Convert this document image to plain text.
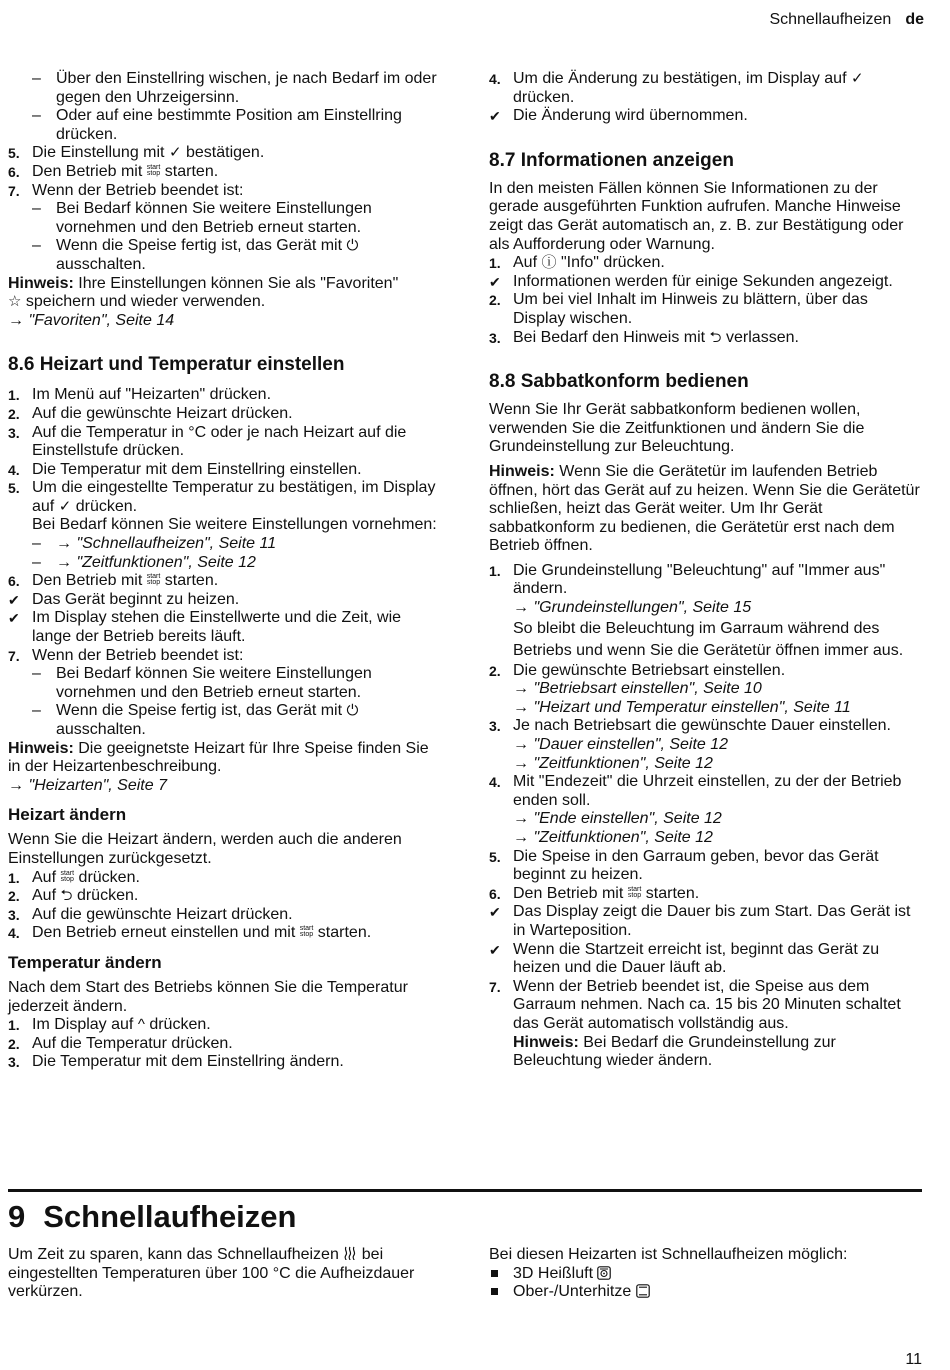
Schnellaufheizen de
– Über den Einstellring wischen, je nach Bedarf im oder gegen den Uhrzeigersinn.
– Oder auf eine bestimmte Position am Einstellring drücken.
5. Die Einstellung mit ✓ bestätigen.
6. Den Betrieb mit start
stop starten.
7. Wenn der Betrieb beendet ist:
– Bei Bedarf können Sie weitere Einstellungen vornehmen und den Betrieb erneut starten.
– Wenn die Speise fertig ist, das Gerät mit ⏻ ausschalten.

Hinweis: Ihre Einstellungen können Sie als "Favoriten"
☆ speichern und wieder verwenden.

→ "Favoriten", Seite 14

8.6 Heizart und Temperatur einstellen
1. Im Menü auf "Heizarten" drücken.
2. Auf die gewünschte Heizart drücken.
3. Auf die Temperatur in °C oder je nach Heizart auf die Einstellstufe drücken.
4. Die Temperatur mit dem Einstellring einstellen.
5. Um die eingestellte Temperatur zu bestätigen, im Display auf ✓ drücken.
Bei Bedarf können Sie weitere Einstellungen vornehmen:
– → "Schnellaufheizen", Seite 11
– → "Zeitfunktionen", Seite 12
6. Den Betrieb mit start
stop starten.
✔ Das Gerät beginnt zu heizen.
✔ Im Display stehen die Einstellwerte und die Zeit, wie lange der Betrieb bereits läuft.
7. Wenn der Betrieb beendet ist:
– Bei Bedarf können Sie weitere Einstellungen vornehmen und den Betrieb erneut starten.
– Wenn die Speise fertig ist, das Gerät mit ⏻ ausschalten.

Hinweis: Die geeignetste Heizart für Ihre Speise finden Sie in der Heizartenbeschreibung.

→ "Heizarten", Seite 7

Heizart ändern

Wenn Sie die Heizart ändern, werden auch die anderen Einstellungen zurückgesetzt.

1. Auf start
stop drücken.
2. Auf ⮌ drücken.
3. Auf die gewünschte Heizart drücken.
4. Den Betrieb erneut einstellen und mit start
stop starten.
Temperatur ändern

Nach dem Start des Betriebs können Sie die Temperatur jederzeit ändern.

1. Im Display auf ^ drücken.
2. Auf die Temperatur drücken.
3. Die Temperatur mit dem Einstellring ändern.
4. Um die Änderung zu bestätigen, im Display auf ✓ drücken.
✔ Die Änderung wird übernommen.
8.7 Informationen anzeigen

In den meisten Fällen können Sie Informationen zu der gerade ausgeführten Funktion aufrufen. Manche Hinweise zeigt das Gerät automatisch an, z. B. zur Bestätigung oder als Aufforderung oder Warnung.

1. Auf ⓘ "Info" drücken.
✔ Informationen werden für einige Sekunden angezeigt.
2. Um bei viel Inhalt im Hinweis zu blättern, über das Display wischen.
3. Bei Bedarf den Hinweis mit ⮌ verlassen.
8.8 Sabbatkonform bedienen

Wenn Sie Ihr Gerät sabbatkonform bedienen wollen, verwenden Sie die Zeitfunktionen und ändern Sie die Grundeinstellung zur Beleuchtung.

Hinweis: Wenn Sie die Gerätetür im laufenden Betrieb öffnen, hört das Gerät auf zu heizen. Wenn Sie die Gerätetür schließen, heizt das Gerät weiter. Um Ihr Gerät sabbatkonform zu bedienen, die Gerätetür erst nach dem Betrieb öffnen.

1. Die Grundeinstellung "Beleuchtung" auf "Immer aus" ändern.
→ "Grundeinstellungen", Seite 15
So bleibt die Beleuchtung im Garraum während des Betriebs und wenn Sie die Gerätetür öffnen immer aus.
2. Die gewünschte Betriebsart einstellen.
→ "Betriebsart einstellen", Seite 10
→ "Heizart und Temperatur einstellen", Seite 11
3. Je nach Betriebsart die gewünschte Dauer einstellen.
→ "Dauer einstellen", Seite 12
→ "Zeitfunktionen", Seite 12
4. Mit "Endezeit" die Uhrzeit einstellen, zu der der Betrieb enden soll.
→ "Ende einstellen", Seite 12
→ "Zeitfunktionen", Seite 12
5. Die Speise in den Garraum geben, bevor das Gerät beginnt zu heizen.
6. Den Betrieb mit start
stop starten.
✔ Das Display zeigt die Dauer bis zum Start. Das Gerät ist in Warteposition.
✔ Wenn die Startzeit erreicht ist, beginnt das Gerät zu heizen und die Dauer läuft ab.
7. Wenn der Betrieb beendet ist, die Speise aus dem Garraum nehmen. Nach ca. 15 bis 20 Minuten schaltet das Gerät automatisch vollständig aus.
Hinweis: Bei Bedarf die Grundeinstellung zur Beleuchtung wieder ändern.
9 Schnellaufheizen

Um Zeit zu sparen, kann das Schnellaufheizen bei eingestellten Temperaturen über 100 °C die Aufheizdauer verkürzen.

Bei diesen Heizarten ist Schnellaufheizen möglich:

3D Heißluft
Ober-/Unterhitze
11
